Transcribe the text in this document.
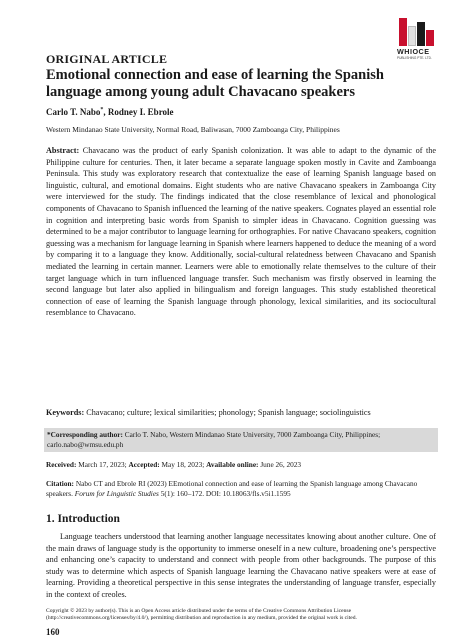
WHIOCE
PUBLISHING PTE. LTD.
ORIGINAL ARTICLE
Emotional connection and ease of learning the Spanish language among young adult Chavacano speakers
Carlo T. Nabo*, Rodney I. Ebrole
Western Mindanao State University, Normal Road, Baliwasan, 7000 Zamboanga City, Philippines
Abstract: Chavacano was the product of early Spanish colonization. It was able to adapt to the dynamic of the Philippine culture for centuries. Then, it later became a separate language spoken mostly in Cavite and Zamboanga Peninsula. This study was exploratory research that contextualize the ease of learning Spanish language based on linguistic, cultural, and emotional domains. Eight students who are native Chavacano speakers in Zamboanga City were interviewed for the study. The findings indicated that the close resemblance of lexical and phonological components of Chavacano to Spanish influenced the learning of the native speakers. Cognates played an essential role in cognition and interpreting basic words from Spanish to simpler ideas in Chavacano. Cognition guessing was determined to be a major contributor to language learning for orthographies. For native Chavacano speakers, cognition guessing was a mechanism for language learning in Spanish where learners happened to deduce the meaning of a word by comparing it to a language they know. Additionally, social-cultural relatedness between Chavacano and Spanish mediated the learning in certain manner. Learners were able to emotionally relate themselves to the culture of their target language which in turn influenced language transfer. Such mechanism was firstly observed in learning the second language but later also applied in bilingualism and foreign languages. This study established theoretical connection of ease of learning the Spanish language through phonology, lexical similarities, and its sociocultural resemblance to Chavacano.
Keywords: Chavacano; culture; lexical similarities; phonology; Spanish language; sociolinguistics
*Corresponding author: Carlo T. Nabo, Western Mindanao State University, 7000 Zamboanga City, Philippines; carlo.nabo@wmsu.edu.ph
Received: March 17, 2023; Accepted: May 18, 2023; Available online: June 26, 2023
Citation: Nabo CT and Ebrole RI (2023) EEmotional connection and ease of learning the Spanish language among Chavacano speakers. Forum for Linguistic Studies 5(1): 160–172. DOI: 10.18063/fls.v5i1.1595
1. Introduction
Language teachers understood that learning another language necessitates knowing about another culture. One of the main draws of language study is the opportunity to immerse oneself in a new culture, broadening one’s perspective and enhancing one’s capacity to understand and connect with people from other backgrounds. The purpose of this study was to determine which aspects of Spanish language learning the Chavacano native speakers were at ease of learning. Providing a theoretical perspective in this sense integrates the understanding of language transfer, especially in the context of creoles.
Copyright © 2023 by author(s). This is an Open Access article distributed under the terms of the Creative Commons Attribution License (http://creativecommons.org/licenses/by/4.0/), permitting distribution and reproduction in any medium, provided the original work is cited.
160
